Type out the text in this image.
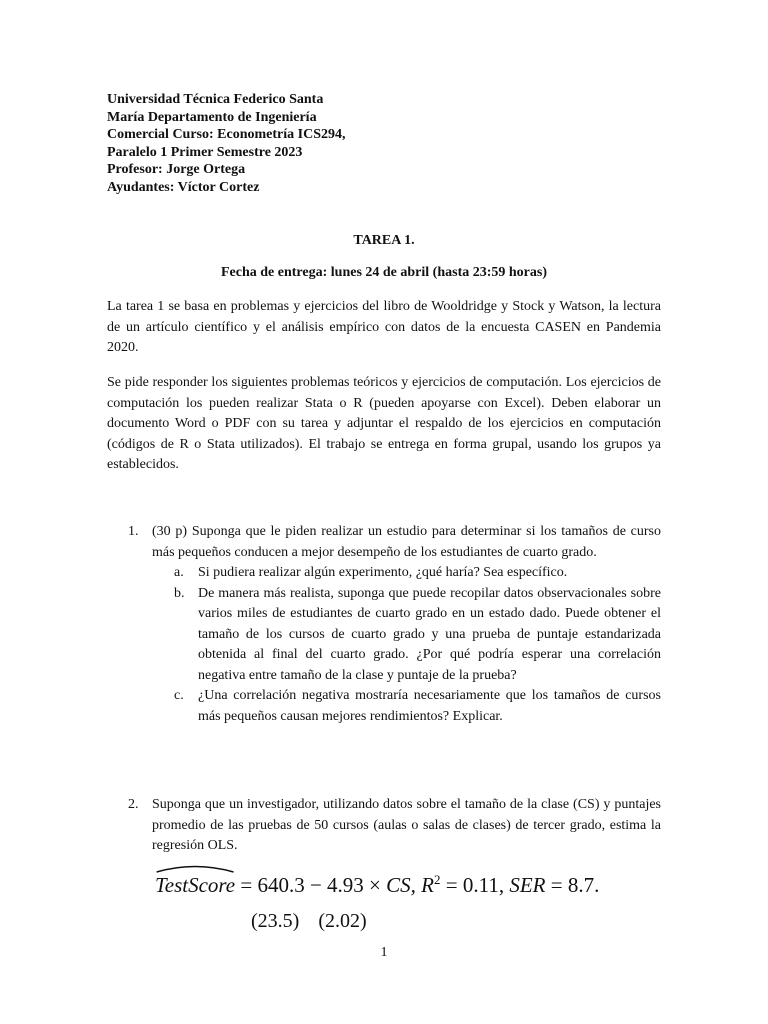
Universidad Técnica Federico Santa
María Departamento de Ingeniería
Comercial Curso: Econometría ICS294,
Paralelo 1 Primer Semestre 2023
Profesor: Jorge Ortega
Ayudantes: Víctor Cortez
TAREA 1.
Fecha de entrega: lunes 24 de abril (hasta 23:59 horas)
La tarea 1 se basa en problemas y ejercicios del libro de Wooldridge y Stock y Watson, la lectura de un artículo científico y el análisis empírico con datos de la encuesta CASEN en Pandemia 2020.
Se pide responder los siguientes problemas teóricos y ejercicios de computación. Los ejercicios de computación los pueden realizar Stata o R (pueden apoyarse con Excel). Deben elaborar un documento Word o PDF con su tarea y adjuntar el respaldo de los ejercicios en computación (códigos de R o Stata utilizados). El trabajo se entrega en forma grupal, usando los grupos ya establecidos.
1. (30 p) Suponga que le piden realizar un estudio para determinar si los tamaños de curso más pequeños conducen a mejor desempeño de los estudiantes de cuarto grado.
a.	Si pudiera realizar algún experimento, ¿qué haría? Sea específico.
b. De manera más realista, suponga que puede recopilar datos observacionales sobre varios miles de estudiantes de cuarto grado en un estado dado. Puede obtener el tamaño de los cursos de cuarto grado y una prueba de puntaje estandarizada obtenida al final del cuarto grado. ¿Por qué podría esperar una correlación negativa entre tamaño de la clase y puntaje de la prueba?
c.	¿Una correlación negativa mostraría necesariamente que los tamaños de cursos más pequeños causan mejores rendimientos? Explicar.
2. Suponga que un investigador, utilizando datos sobre el tamaño de la clase (CS) y puntajes promedio de las pruebas de 50 cursos (aulas o salas de clases) de tercer grado, estima la regresión OLS.
TestScore = 640.3 − 4.93 × CS, $R^2 = 0.11$, SER = 8.7.
(23.5) (2.02)
1
